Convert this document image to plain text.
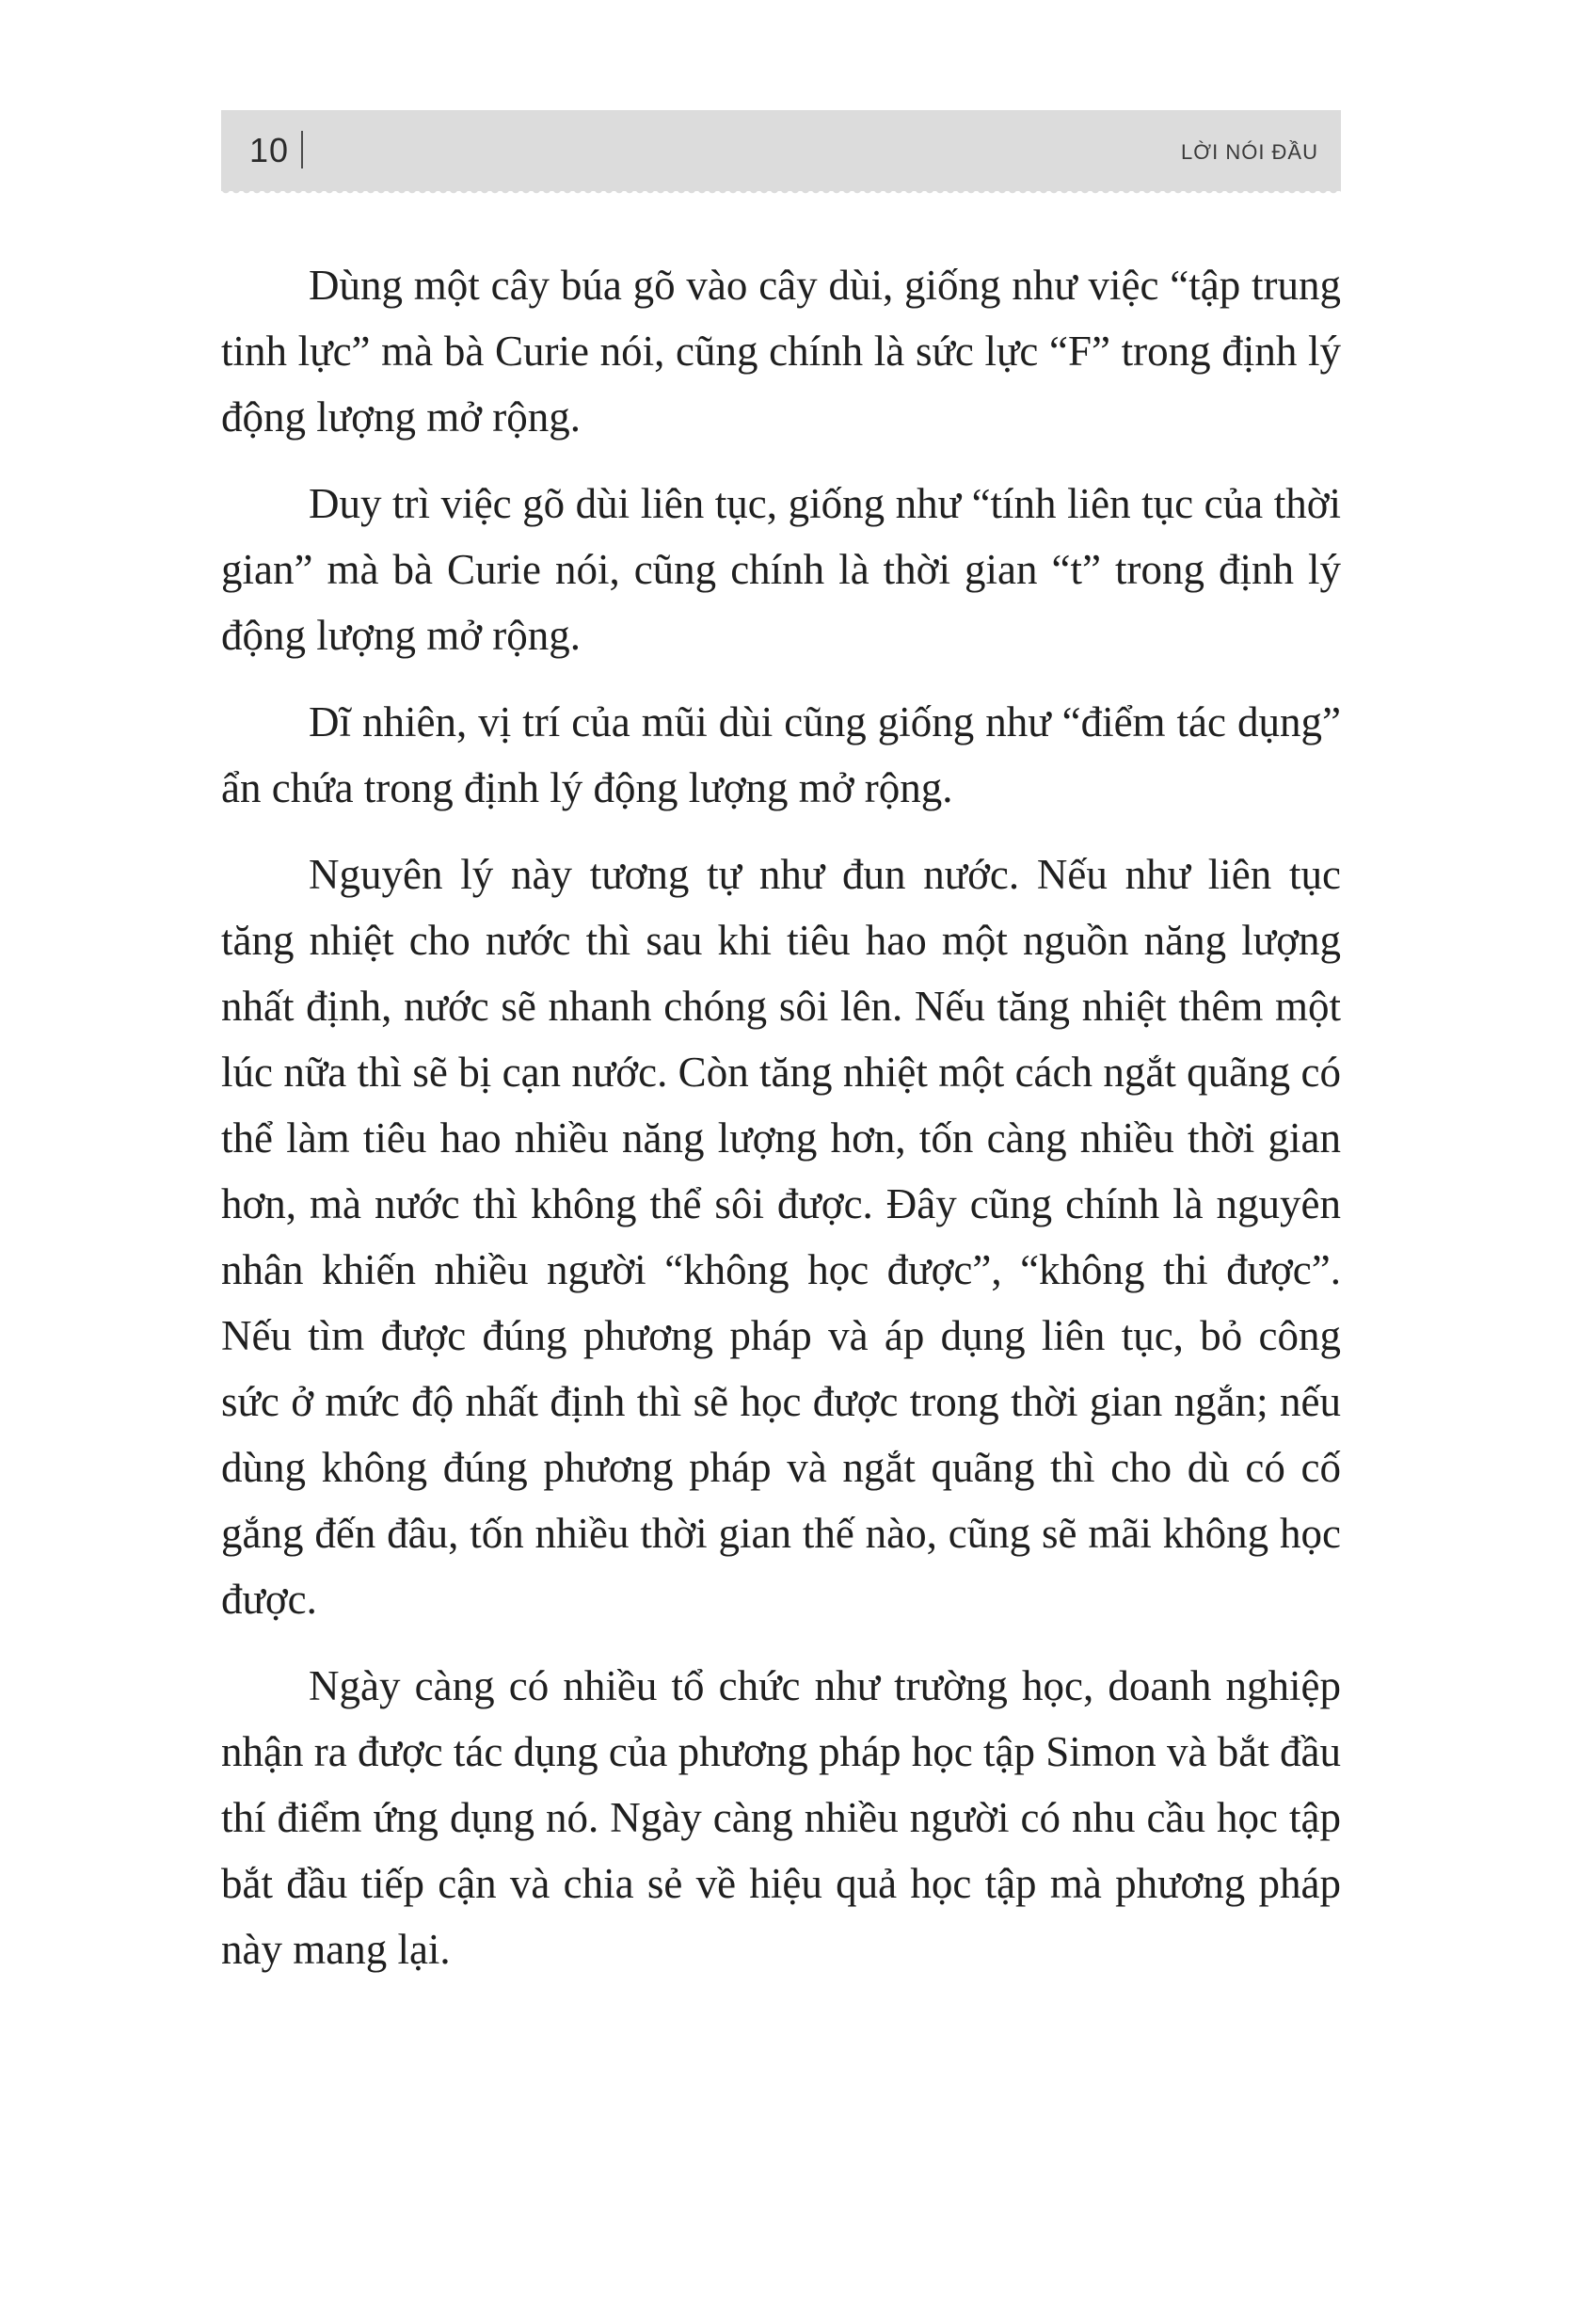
10	LỜI NÓI ĐẦU

Dùng một cây búa gõ vào cây dùi, giống như việc “tập trung tinh lực” mà bà Curie nói, cũng chính là sức lực “F” trong định lý động lượng mở rộng.

Duy trì việc gõ dùi liên tục, giống như “tính liên tục của thời gian” mà bà Curie nói, cũng chính là thời gian “t” trong định lý động lượng mở rộng.

Dĩ nhiên, vị trí của mũi dùi cũng giống như “điểm tác dụng” ẩn chứa trong định lý động lượng mở rộng.

Nguyên lý này tương tự như đun nước. Nếu như liên tục tăng nhiệt cho nước thì sau khi tiêu hao một nguồn năng lượng nhất định, nước sẽ nhanh chóng sôi lên. Nếu tăng nhiệt thêm một lúc nữa thì sẽ bị cạn nước. Còn tăng nhiệt một cách ngắt quãng có thể làm tiêu hao nhiều năng lượng hơn, tốn càng nhiều thời gian hơn, mà nước thì không thể sôi được. Đây cũng chính là nguyên nhân khiến nhiều người “không học được”, “không thi được”. Nếu tìm được đúng phương pháp và áp dụng liên tục, bỏ công sức ở mức độ nhất định thì sẽ học được trong thời gian ngắn; nếu dùng không đúng phương pháp và ngắt quãng thì cho dù có cố gắng đến đâu, tốn nhiều thời gian thế nào, cũng sẽ mãi không học được.

Ngày càng có nhiều tổ chức như trường học, doanh nghiệp nhận ra được tác dụng của phương pháp học tập Simon và bắt đầu thí điểm ứng dụng nó. Ngày càng nhiều người có nhu cầu học tập bắt đầu tiếp cận và chia sẻ về hiệu quả học tập mà phương pháp này mang lại.
